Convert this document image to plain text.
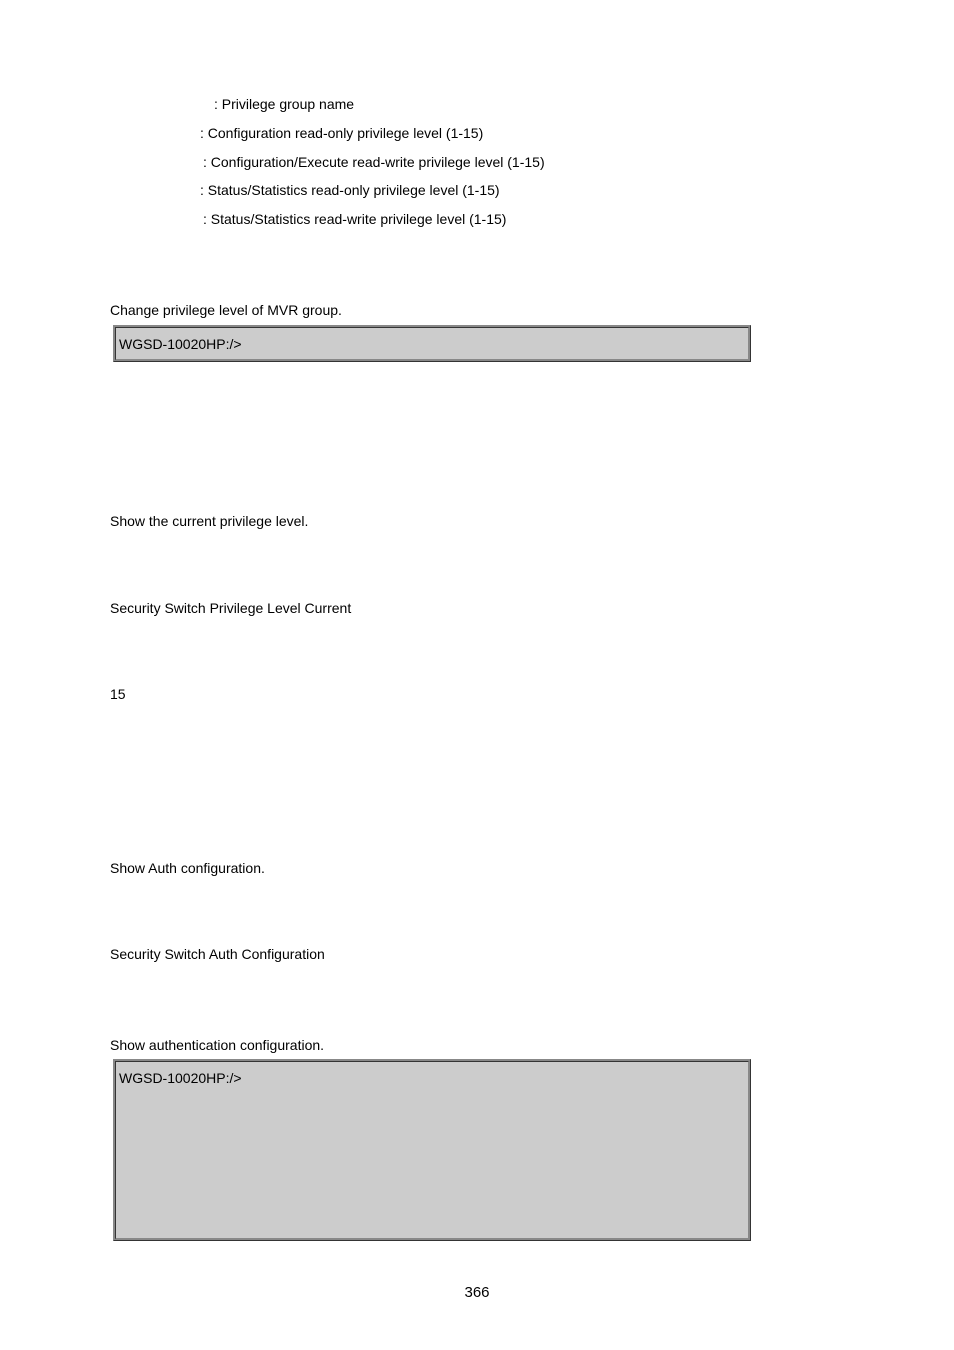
: Privilege group name
: Configuration read-only privilege level (1-15)
: Configuration/Execute read-write privilege level (1-15)
: Status/Statistics read-only privilege level (1-15)
: Status/Statistics read-write privilege level (1-15)
Change privilege level of MVR group.
WGSD-10020HP:/>
Show the current privilege level.
Security Switch Privilege Level Current
15
Show Auth configuration.
Security Switch Auth Configuration
Show authentication configuration.
WGSD-10020HP:/>
366
